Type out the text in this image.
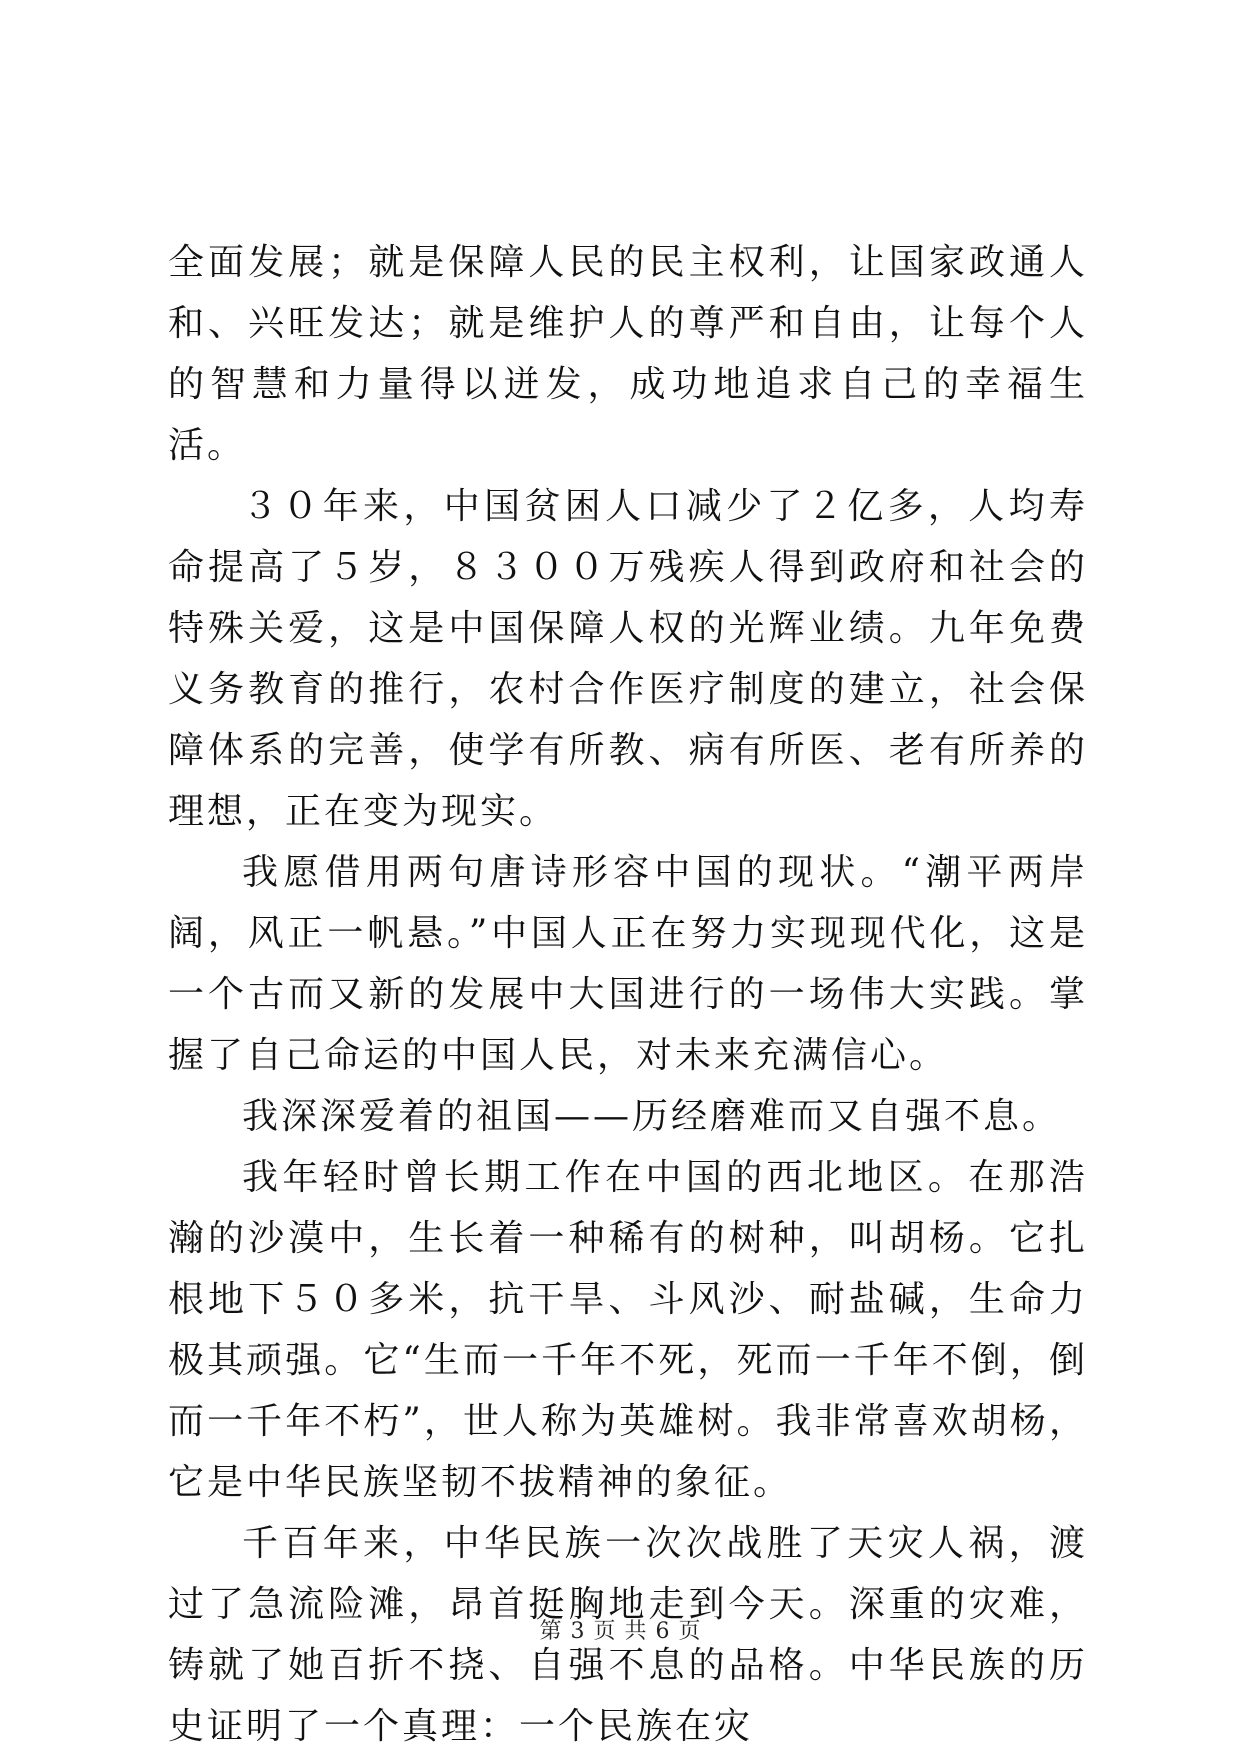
全面发展；就是保障人民的民主权利，让国家政通人和、兴旺发达；就是维护人的尊严和自由，让每个人的智慧和力量得以迸发，成功地追求自己的幸福生活。

３０年来，中国贫困人口减少了２亿多，人均寿命提高了５岁，８３００万残疾人得到政府和社会的特殊关爱，这是中国保障人权的光辉业绩。九年免费义务教育的推行，农村合作医疗制度的建立，社会保障体系的完善，使学有所教、病有所医、老有所养的理想，正在变为现实。

我愿借用两句唐诗形容中国的现状。“潮平两岸阔，风正一帆悬。”中国人正在努力实现现代化，这是一个古而又新的发展中大国进行的一场伟大实践。掌握了自己命运的中国人民，对未来充满信心。

我深深爱着的祖国——历经磨难而又自强不息。

我年轻时曾长期工作在中国的西北地区。在那浩瀚的沙漠中，生长着一种稀有的树种，叫胡杨。它扎根地下５０多米，抗干旱、斗风沙、耐盐碱，生命力极其顽强。它“生而一千年不死，死而一千年不倒，倒而一千年不朽”，世人称为英雄树。我非常喜欢胡杨，它是中华民族坚韧不拔精神的象征。

千百年来，中华民族一次次战胜了天灾人祸，渡过了急流险滩，昂首挺胸地走到今天。深重的灾难，铸就了她百折不挠、自强不息的品格。中华民族的历史证明了一个真理：一个民族在灾

第 3 页 共 6 页
